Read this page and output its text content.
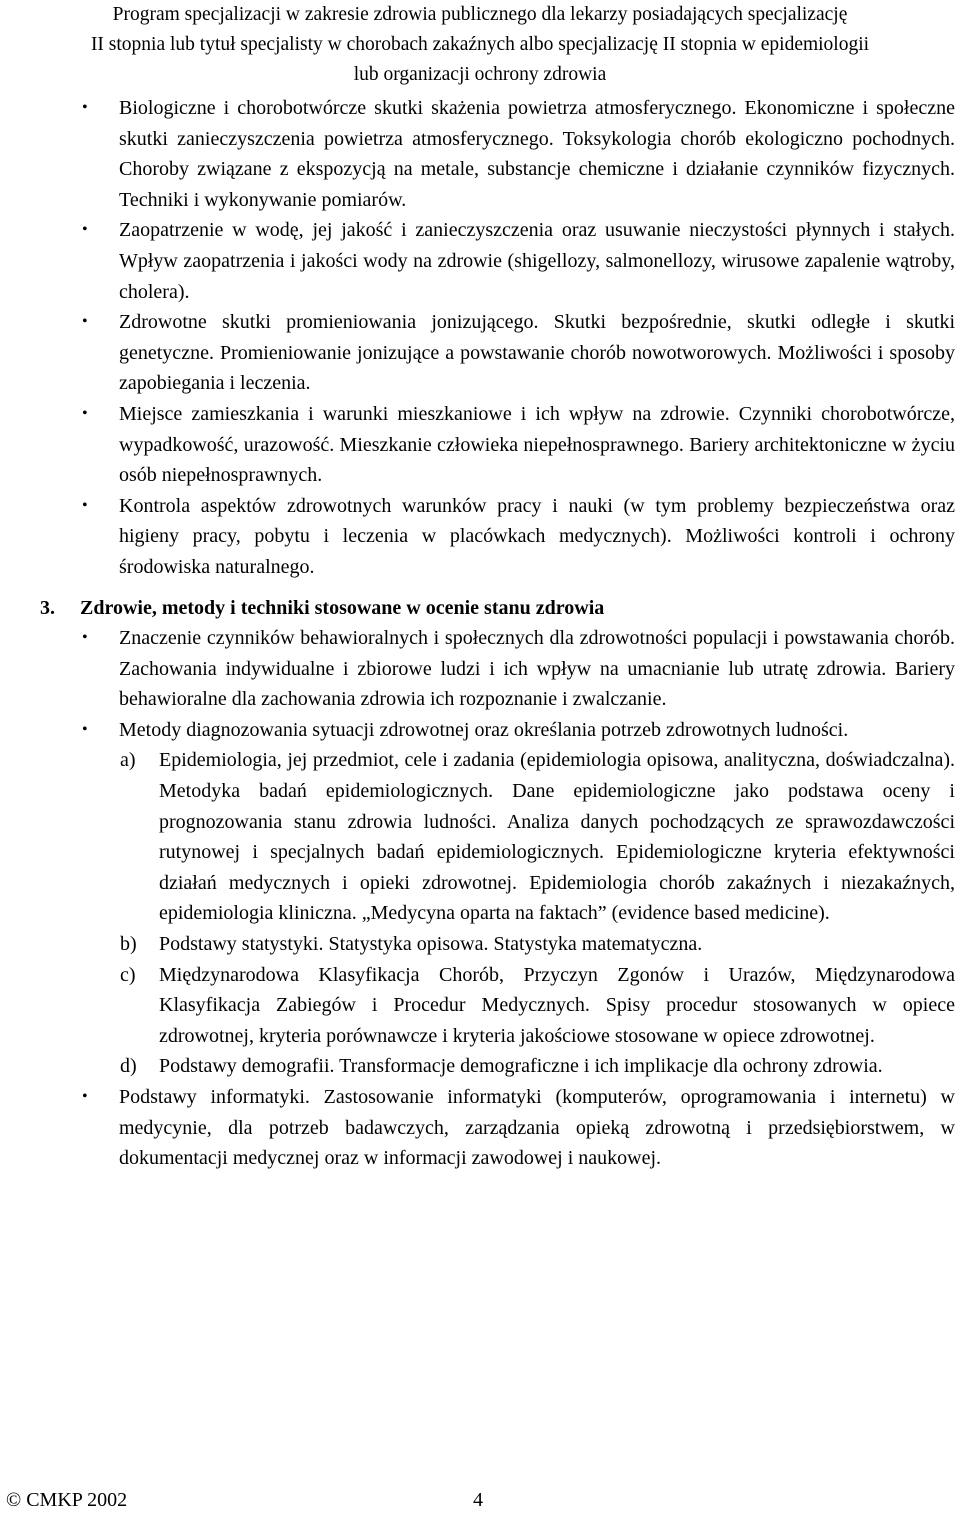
Program specjalizacji w zakresie zdrowia publicznego dla lekarzy posiadających specjalizację
II stopnia lub tytuł specjalisty w chorobach zakaźnych albo specjalizację II stopnia w epidemiologii
lub organizacji ochrony zdrowia
• Biologiczne i chorobotwórcze skutki skażenia powietrza atmosferycznego. Ekonomiczne i społeczne skutki zanieczyszczenia powietrza atmosferycznego. Toksykologia chorób ekologiczno pochodnych. Choroby związane z ekspozycją na metale, substancje chemiczne i działanie czynników fizycznych. Techniki i wykonywanie pomiarów.
• Zaopatrzenie w wodę, jej jakość i zanieczyszczenia oraz usuwanie nieczystości płynnych i stałych. Wpływ zaopatrzenia i jakości wody na zdrowie (shigellozy, salmonellozy, wirusowe zapalenie wątroby, cholera).
• Zdrowotne skutki promieniowania jonizującego. Skutki bezpośrednie, skutki odległe i skutki genetyczne. Promieniowanie jonizujące a powstawanie chorób nowotworowych. Możliwości i sposoby zapobiegania i leczenia.
• Miejsce zamieszkania i warunki mieszkaniowe i ich wpływ na zdrowie. Czynniki chorobotwórcze, wypadkowość, urazowość. Mieszkanie człowieka niepełnosprawnego. Bariery architektoniczne w życiu osób niepełnosprawnych.
• Kontrola aspektów zdrowotnych warunków pracy i nauki (w tym problemy bezpieczeństwa oraz higieny pracy, pobytu i leczenia w placówkach medycznych). Możliwości kontroli i ochrony środowiska naturalnego.
3. Zdrowie, metody i techniki stosowane w ocenie stanu zdrowia
• Znaczenie czynników behawioralnych i społecznych dla zdrowotności populacji i powstawania chorób. Zachowania indywidualne i zbiorowe ludzi i ich wpływ na umacnianie lub utratę zdrowia. Bariery behawioralne dla zachowania zdrowia ich rozpoznanie i zwalczanie.
• Metody diagnozowania sytuacji zdrowotnej oraz określania potrzeb zdrowotnych ludności.
a) Epidemiologia, jej przedmiot, cele i zadania (epidemiologia opisowa, analityczna, doświadczalna). Metodyka badań epidemiologicznych. Dane epidemiologiczne jako podstawa oceny i prognozowania stanu zdrowia ludności. Analiza danych pochodzących ze sprawozdawczości rutynowej i specjalnych badań epidemiologicznych. Epidemiologiczne kryteria efektywności działań medycznych i opieki zdrowotnej. Epidemiologia chorób zakaźnych i niezakaźnych, epidemiologia kliniczna. „Medycyna oparta na faktach” (evidence based medicine).
b) Podstawy statystyki. Statystyka opisowa. Statystyka matematyczna.
c) Międzynarodowa Klasyfikacja Chorób, Przyczyn Zgonów i Urazów, Międzynarodowa Klasyfikacja Zabiegów i Procedur Medycznych. Spisy procedur stosowanych w opiece zdrowotnej, kryteria porównawcze i kryteria jakościowe stosowane w opiece zdrowotnej.
d) Podstawy demografii. Transformacje demograficzne i ich implikacje dla ochrony zdrowia.
• Podstawy informatyki. Zastosowanie informatyki (komputerów, oprogramowania i internetu) w medycynie, dla potrzeb badawczych, zarządzania opieką zdrowotną i przedsiębiorstwem, w dokumentacji medycznej oraz w informacji zawodowej i naukowej.
© CMKP 2002	4
